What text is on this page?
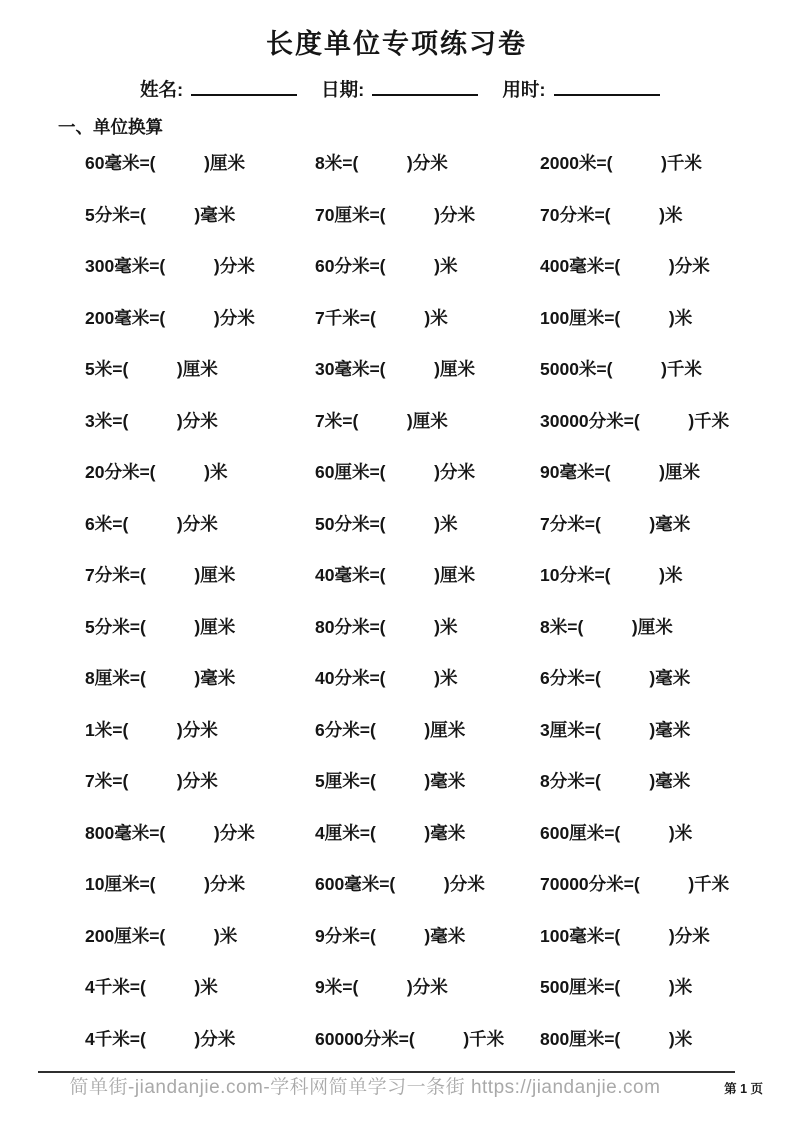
长度单位专项练习卷
姓名:	日期:	用时:
一、单位换算
60毫米=(          )厘米	8米=(          )分米	2000米=(          )千米
5分米=(          )毫米	70厘米=(          )分米	70分米=(          )米
300毫米=(          )分米	60分米=(          )米	400毫米=(          )分米
200毫米=(          )分米	7千米=(          )米	100厘米=(          )米
5米=(          )厘米	30毫米=(          )厘米	5000米=(          )千米
3米=(          )分米	7米=(          )厘米	30000分米=(          )千米
20分米=(          )米	60厘米=(          )分米	90毫米=(          )厘米
6米=(          )分米	50分米=(          )米	7分米=(          )毫米
7分米=(          )厘米	40毫米=(          )厘米	10分米=(          )米
5分米=(          )厘米	80分米=(          )米	8米=(          )厘米
8厘米=(          )毫米	40分米=(          )米	6分米=(          )毫米
1米=(          )分米	6分米=(          )厘米	3厘米=(          )毫米
7米=(          )分米	5厘米=(          )毫米	8分米=(          )毫米
800毫米=(          )分米	4厘米=(          )毫米	600厘米=(          )米
10厘米=(          )分米	600毫米=(          )分米	70000分米=(          )千米
200厘米=(          )米	9分米=(          )毫米	100毫米=(          )分米
4千米=(          )米	9米=(          )分米	500厘米=(          )米
4千米=(          )分米	60000分米=(          )千米	800厘米=(          )米
简单街-jiandanjie.com-学科网简单学习一条街 https://jiandanjie.com	第 1 页
